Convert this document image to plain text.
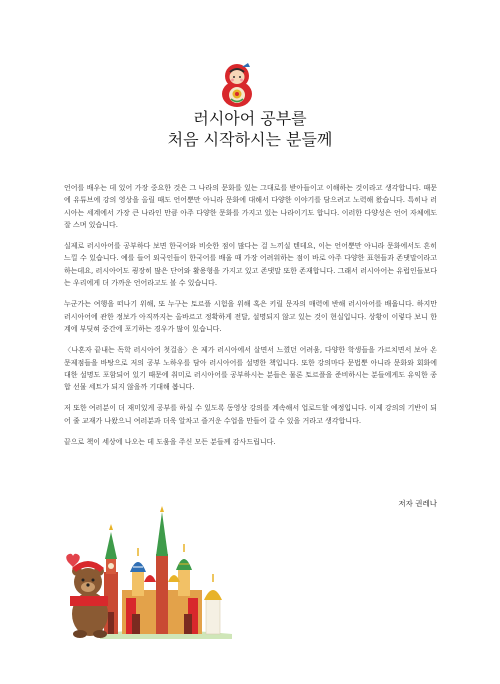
러시아어 공부를
처음 시작하시는 분들께

언어를 배우는 데 있어 가장 중요한 것은 그 나라의 문화를 있는 그대로를 받아들이고 이해하는 것이라고 생각합니다. 때문에 유튜브에 강의 영상을 올릴 때도 언어뿐만 아니라 문화에 대해서 다양한 이야기를 담으려고 노력해 왔습니다. 특히나 러시아는 세계에서 가장 큰 나라인 만큼 아주 다양한 문화를 가지고 있는 나라이기도 합니다. 이러한 다양성은 언어 자체에도 잘 스며 있습니다.

실제로 러시아어를 공부하다 보면 한국어와 비슷한 점이 많다는 걸 느끼실 텐데요, 이는 언어뿐만 아니라 문화에서도 흔히 느낄 수 있습니다. 예를 들어 외국인들이 한국어를 배울 때 가장 어려워하는 점이 바로 아주 다양한 표현들과 존댓말이라고 하는데요, 러시아어도 굉장히 많은 단어와 활용형을 가지고 있고 존댓말 또한 존재합니다. 그래서 러시아어는 유럽인들보다는 우리에게 더 가까운 언어라고도 볼 수 있습니다.

누군가는 여행을 떠나기 위해, 또 누구는 토르플 시험을 위해 혹은 키릴 문자의 매력에 반해 러시아어를 배웁니다. 하지만 러시아어에 관한 정보가 아직까지는 올바르고 정확하게 전달, 설명되지 않고 있는 것이 현실입니다. 상황이 이렇다 보니 한계에 부딪혀 중간에 포기하는 경우가 많이 있습니다.

〈나혼자 끝내는 독학 러시아어 첫걸음〉은 제가 러시아에서 살면서 느꼈던 어려움, 다양한 학생들을 가르치면서 보아 온 문제점들을 바탕으로 저의 공부 노하우를 담아 러시아어를 설명한 책입니다. 또한 강의마다 문법뿐 아니라 문화와 회화에 대한 설명도 포함되어 있기 때문에 취미로 러시아어를 공부하시는 분들은 물론 토르플을 준비하시는 분들에게도 유익한 종합 선물 세트가 되지 않을까 기대해 봅니다.

저 또한 여러분이 더 재미있게 공부를 하실 수 있도록 동영상 강의를 계속해서 업로드할 예정입니다. 이제 강의의 기반이 되어 줄 교재가 나왔으니 여러분과 더욱 알차고 즐거운 수업을 만들어 갈 수 있을 거라고 생각합니다.

끝으로 책이 세상에 나오는 데 도움을 주신 모든 분들께 감사드립니다.

저자 권레나
